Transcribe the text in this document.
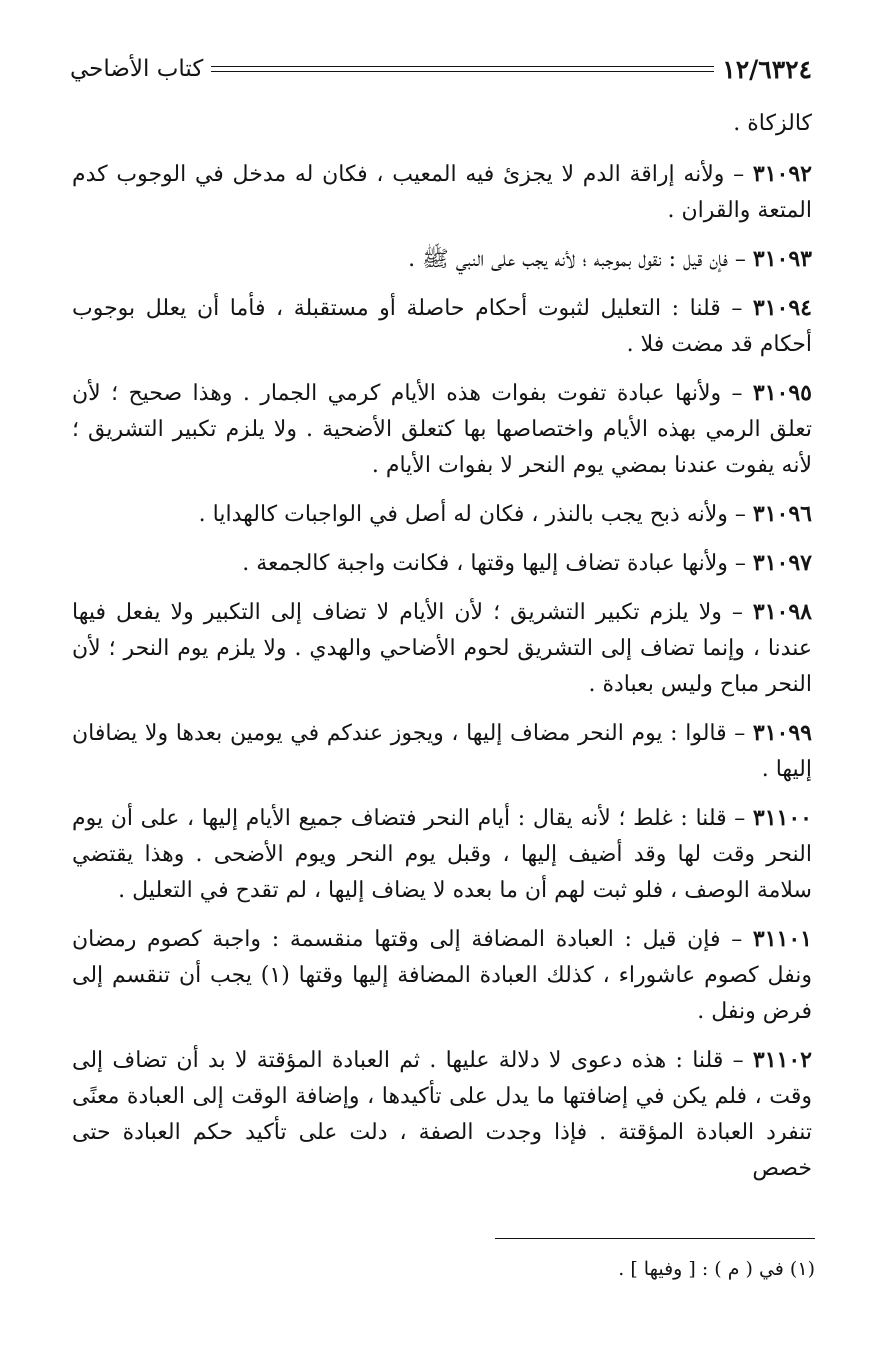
١٢/٦٣٢٤
كتاب الأضاحي

كالزكاة .

٣١٠٩٢ – ولأنه إراقة الدم لا يجزئ فيه المعيب ، فكان له مدخل في الوجوب كدم المتعة والقران .

٣١٠٩٣ – فإن قيل : نقول بموجبه ؛ لأنه يجب على النبي ﷺ .

٣١٠٩٤ – قلنا : التعليل لثبوت أحكام حاصلة أو مستقبلة ، فأما أن يعلل بوجوب أحكام قد مضت فلا .

٣١٠٩٥ – ولأنها عبادة تفوت بفوات هذه الأيام كرمي الجمار . وهذا صحيح ؛ لأن تعلق الرمي بهذه الأيام واختصاصها بها كتعلق الأضحية . ولا يلزم تكبير التشريق ؛ لأنه يفوت عندنا بمضي يوم النحر لا بفوات الأيام .

٣١٠٩٦ – ولأنه ذبح يجب بالنذر ، فكان له أصل في الواجبات كالهدايا .

٣١٠٩٧ – ولأنها عبادة تضاف إليها وقتها ، فكانت واجبة كالجمعة .

٣١٠٩٨ – ولا يلزم تكبير التشريق ؛ لأن الأيام لا تضاف إلى التكبير ولا يفعل فيها عندنا ، وإنما تضاف إلى التشريق لحوم الأضاحي والهدي . ولا يلزم يوم النحر ؛ لأن النحر مباح وليس بعبادة .

٣١٠٩٩ – قالوا : يوم النحر مضاف إليها ، ويجوز عندكم في يومين بعدها ولا يضافان إليها .

٣١١٠٠ – قلنا : غلط ؛ لأنه يقال : أيام النحر فتضاف جميع الأيام إليها ، على أن يوم النحر وقت لها وقد أضيف إليها ، وقبل يوم النحر ويوم الأضحى . وهذا يقتضي سلامة الوصف ، فلو ثبت لهم أن ما بعده لا يضاف إليها ، لم تقدح في التعليل .

٣١١٠١ – فإن قيل : العبادة المضافة إلى وقتها منقسمة : واجبة كصوم رمضان ونفل كصوم عاشوراء ، كذلك العبادة المضافة إليها وقتها (١) يجب أن تنقسم إلى فرض ونفل .

٣١١٠٢ – قلنا : هذه دعوى لا دلالة عليها . ثم العبادة المؤقتة لا بد أن تضاف إلى وقت ، فلم يكن في إضافتها ما يدل على تأكيدها ، وإضافة الوقت إلى العبادة معنًى تنفرد العبادة المؤقتة . فإذا وجدت الصفة ، دلت على تأكيد حكم العبادة حتى خصص

(١) في ( م ) : [ وفيها ] .
